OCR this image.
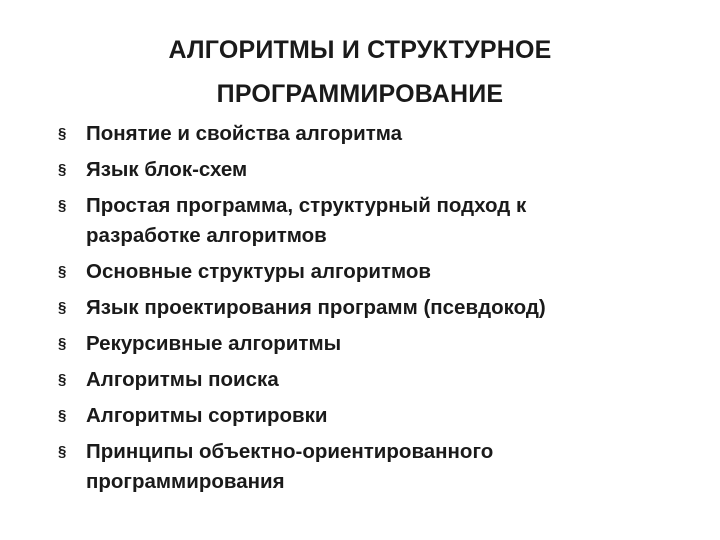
АЛГОРИТМЫ И СТРУКТУРНОЕ
ПРОГРАММИРОВАНИЕ
§ Понятие и свойства алгоритма
§ Язык блок-схем
§ Простая программа, структурный подход к разработке алгоритмов
§ Основные структуры алгоритмов
§ Язык проектирования программ (псевдокод)
§ Рекурсивные алгоритмы
§ Алгоритмы поиска
§ Алгоритмы сортировки
§ Принципы объектно-ориентированного программирования
